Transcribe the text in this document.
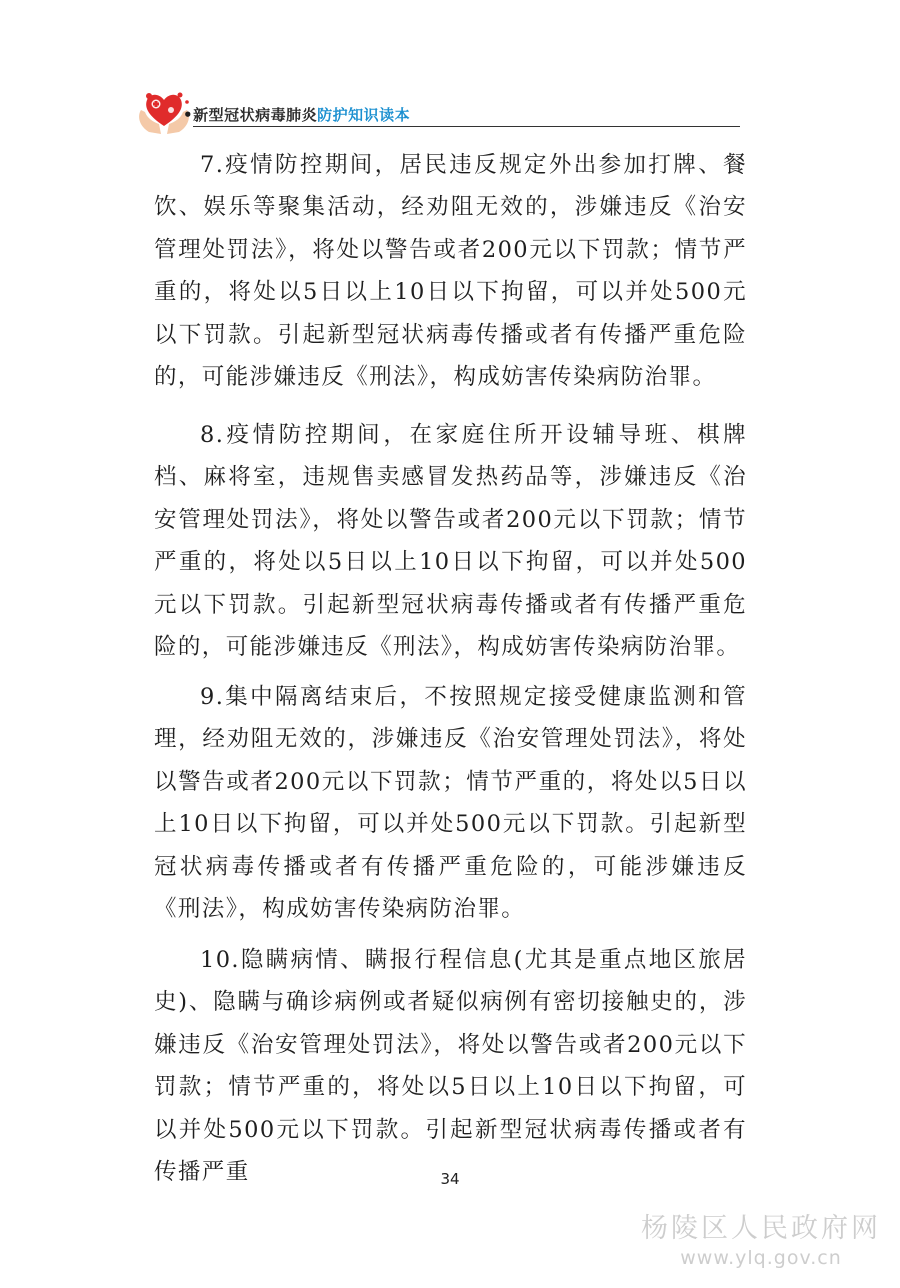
•新型冠状病毒肺炎防护知识读本

7.疫情防控期间，居民违反规定外出参加打牌、餐饮、娱乐等聚集活动，经劝阻无效的，涉嫌违反《治安管理处罚法》，将处以警告或者200元以下罚款；情节严重的，将处以5日以上10日以下拘留，可以并处500元以下罚款。引起新型冠状病毒传播或者有传播严重危险的，可能涉嫌违反《刑法》，构成妨害传染病防治罪。

8.疫情防控期间，在家庭住所开设辅导班、棋牌档、麻将室，违规售卖感冒发热药品等，涉嫌违反《治安管理处罚法》，将处以警告或者200元以下罚款；情节严重的，将处以5日以上10日以下拘留，可以并处500元以下罚款。引起新型冠状病毒传播或者有传播严重危险的，可能涉嫌违反《刑法》，构成妨害传染病防治罪。

9.集中隔离结束后，不按照规定接受健康监测和管理，经劝阻无效的，涉嫌违反《治安管理处罚法》，将处以警告或者200元以下罚款；情节严重的，将处以5日以上10日以下拘留，可以并处500元以下罚款。引起新型冠状病毒传播或者有传播严重危险的，可能涉嫌违反《刑法》，构成妨害传染病防治罪。

10.隐瞒病情、瞒报行程信息(尤其是重点地区旅居史)、隐瞒与确诊病例或者疑似病例有密切接触史的，涉嫌违反《治安管理处罚法》，将处以警告或者200元以下罚款；情节严重的，将处以5日以上10日以下拘留，可以并处500元以下罚款。引起新型冠状病毒传播或者有传播严重	34
杨陵区人民政府网
www.ylq.gov.cn
